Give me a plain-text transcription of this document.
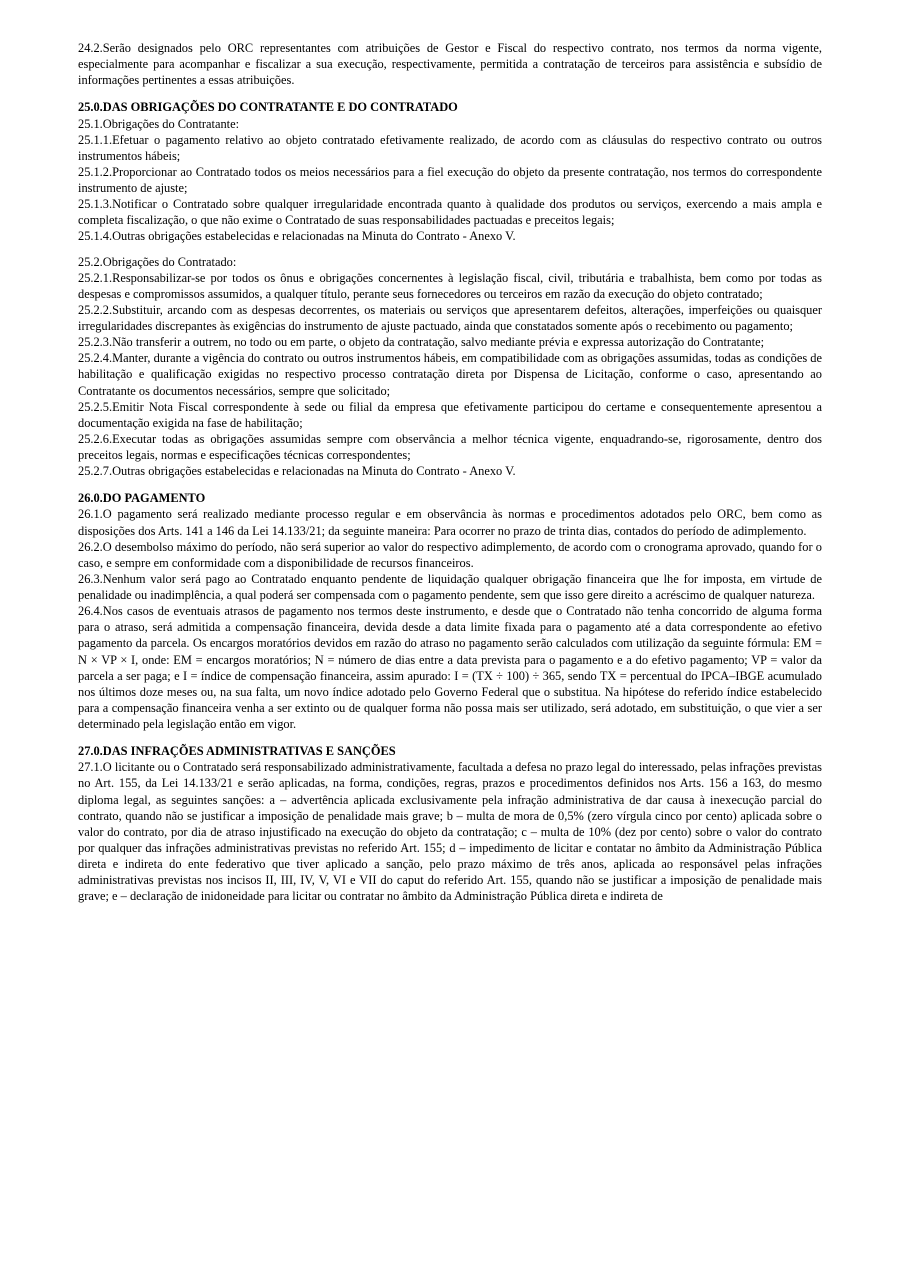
24.2.Serão designados pelo ORC representantes com atribuições de Gestor e Fiscal do respectivo contrato, nos termos da norma vigente, especialmente para acompanhar e fiscalizar a sua execução, respectivamente, permitida a contratação de terceiros para assistência e subsídio de informações pertinentes a essas atribuições.

25.0.DAS OBRIGAÇÕES DO CONTRATANTE E DO CONTRATADO

25.1.Obrigações do Contratante:

25.1.1.Efetuar o pagamento relativo ao objeto contratado efetivamente realizado, de acordo com as cláusulas do respectivo contrato ou outros instrumentos hábeis;

25.1.2.Proporcionar ao Contratado todos os meios necessários para a fiel execução do objeto da presente contratação, nos termos do correspondente instrumento de ajuste;

25.1.3.Notificar o Contratado sobre qualquer irregularidade encontrada quanto à qualidade dos produtos ou serviços, exercendo a mais ampla e completa fiscalização, o que não exime o Contratado de suas responsabilidades pactuadas e preceitos legais;

25.1.4.Outras obrigações estabelecidas e relacionadas na Minuta do Contrato - Anexo V.

25.2.Obrigações do Contratado:

25.2.1.Responsabilizar-se por todos os ônus e obrigações concernentes à legislação fiscal, civil, tributária e trabalhista, bem como por todas as despesas e compromissos assumidos, a qualquer título, perante seus fornecedores ou terceiros em razão da execução do objeto contratado;

25.2.2.Substituir, arcando com as despesas decorrentes, os materiais ou serviços que apresentarem defeitos, alterações, imperfeições ou quaisquer irregularidades discrepantes às exigências do instrumento de ajuste pactuado, ainda que constatados somente após o recebimento ou pagamento;

25.2.3.Não transferir a outrem, no todo ou em parte, o objeto da contratação, salvo mediante prévia e expressa autorização do Contratante;

25.2.4.Manter, durante a vigência do contrato ou outros instrumentos hábeis, em compatibilidade com as obrigações assumidas, todas as condições de habilitação e qualificação exigidas no respectivo processo contratação direta por Dispensa de Licitação, conforme o caso, apresentando ao Contratante os documentos necessários, sempre que solicitado;

25.2.5.Emitir Nota Fiscal correspondente à sede ou filial da empresa que efetivamente participou do certame e consequentemente apresentou a documentação exigida na fase de habilitação;

25.2.6.Executar todas as obrigações assumidas sempre com observância a melhor técnica vigente, enquadrando-se, rigorosamente, dentro dos preceitos legais, normas e especificações técnicas correspondentes;

25.2.7.Outras obrigações estabelecidas e relacionadas na Minuta do Contrato - Anexo V.

26.0.DO PAGAMENTO

26.1.O pagamento será realizado mediante processo regular e em observância às normas e procedimentos adotados pelo ORC, bem como as disposições dos Arts. 141 a 146 da Lei 14.133/21; da seguinte maneira: Para ocorrer no prazo de trinta dias, contados do período de adimplemento.

26.2.O desembolso máximo do período, não será superior ao valor do respectivo adimplemento, de acordo com o cronograma aprovado, quando for o caso, e sempre em conformidade com a disponibilidade de recursos financeiros.

26.3.Nenhum valor será pago ao Contratado enquanto pendente de liquidação qualquer obrigação financeira que lhe for imposta, em virtude de penalidade ou inadimplência, a qual poderá ser compensada com o pagamento pendente, sem que isso gere direito a acréscimo de qualquer natureza.

26.4.Nos casos de eventuais atrasos de pagamento nos termos deste instrumento, e desde que o Contratado não tenha concorrido de alguma forma para o atraso, será admitida a compensação financeira, devida desde a data limite fixada para o pagamento até a data correspondente ao efetivo pagamento da parcela. Os encargos moratórios devidos em razão do atraso no pagamento serão calculados com utilização da seguinte fórmula: EM = N × VP × I, onde: EM = encargos moratórios; N = número de dias entre a data prevista para o pagamento e a do efetivo pagamento; VP = valor da parcela a ser paga; e I = índice de compensação financeira, assim apurado: I = (TX ÷ 100) ÷ 365, sendo TX = percentual do IPCA–IBGE acumulado nos últimos doze meses ou, na sua falta, um novo índice adotado pelo Governo Federal que o substitua. Na hipótese do referido índice estabelecido para a compensação financeira venha a ser extinto ou de qualquer forma não possa mais ser utilizado, será adotado, em substituição, o que vier a ser determinado pela legislação então em vigor.

27.0.DAS INFRAÇÕES ADMINISTRATIVAS E SANÇÕES

27.1.O licitante ou o Contratado será responsabilizado administrativamente, facultada a defesa no prazo legal do interessado, pelas infrações previstas no Art. 155, da Lei 14.133/21 e serão aplicadas, na forma, condições, regras, prazos e procedimentos definidos nos Arts. 156 a 163, do mesmo diploma legal, as seguintes sanções: a – advertência aplicada exclusivamente pela infração administrativa de dar causa à inexecução parcial do contrato, quando não se justificar a imposição de penalidade mais grave; b – multa de mora de 0,5% (zero vírgula cinco por cento) aplicada sobre o valor do contrato, por dia de atraso injustificado na execução do objeto da contratação; c – multa de 10% (dez por cento) sobre o valor do contrato por qualquer das infrações administrativas previstas no referido Art. 155; d – impedimento de licitar e contatar no âmbito da Administração Pública direta e indireta do ente federativo que tiver aplicado a sanção, pelo prazo máximo de três anos, aplicada ao responsável pelas infrações administrativas previstas nos incisos II, III, IV, V, VI e VII do caput do referido Art. 155, quando não se justificar a imposição de penalidade mais grave; e – declaração de inidoneidade para licitar ou contratar no âmbito da Administração Pública direta e indireta de
